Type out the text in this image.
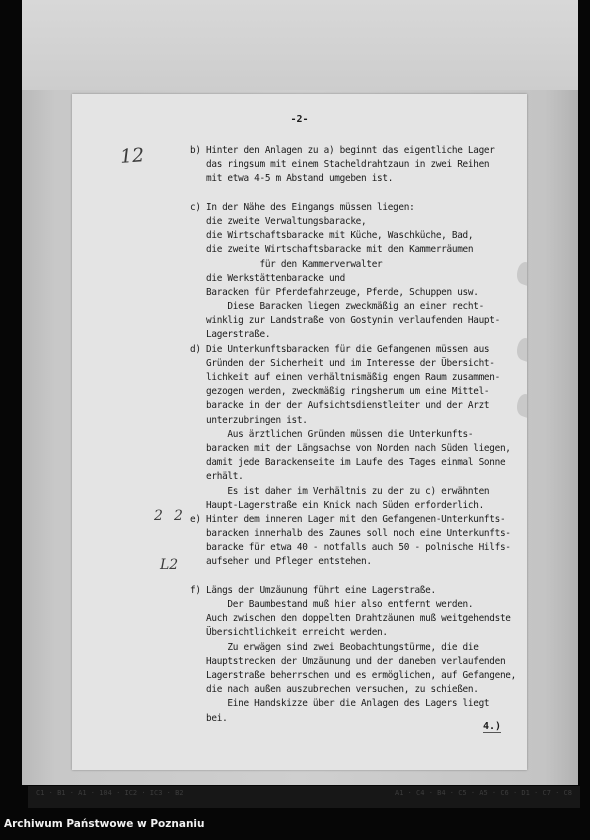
-2-
12
2 2
L2
b) Hinter den Anlagen zu a) beginnt das eigentliche Lager
das ringsum mit einem Stacheldrahtzaun in zwei Reihen
mit etwa 4-5 m Abstand umgeben ist.
c) In der Nähe des Eingangs müssen liegen:
die zweite Verwaltungsbaracke,
die Wirtschaftsbaracke mit Küche, Waschküche, Bad,
die zweite Wirtschaftsbaracke mit den Kammerräumen
für den Kammerverwalter
die Werkstättenbaracke und
Baracken für Pferdefahrzeuge, Pferde, Schuppen usw.
Diese Baracken liegen zweckmäßig an einer recht-
winklig zur Landstraße von Gostynin verlaufenden Haupt-
Lagerstraße.
d) Die Unterkunftsbaracken für die Gefangenen müssen aus
Gründen der Sicherheit und im Interesse der Übersicht-
lichkeit auf einen verhältnismäßig engen Raum zusammen-
gezogen werden, zweckmäßig ringsherum um eine Mittel-
baracke in der der Aufsichtsdienstleiter und der Arzt
unterzubringen ist.
Aus ärztlichen Gründen müssen die Unterkunfts-
baracken mit der Längsachse von Norden nach Süden liegen,
damit jede Barackenseite im Laufe des Tages einmal Sonne
erhält.
Es ist daher im Verhältnis zu der zu c) erwähnten
Haupt-Lagerstraße ein Knick nach Süden erforderlich.
e) Hinter dem inneren Lager mit den Gefangenen-Unterkunfts-
baracken innerhalb des Zaunes soll noch eine Unterkunfts-
baracke für etwa 40 - notfalls auch 50 - polnische Hilfs-
aufseher und Pfleger entstehen.
f) Längs der Umzäunung führt eine Lagerstraße.
Der Baumbestand muß hier also entfernt werden.
Auch zwischen den doppelten Drahtzäunen muß weitgehendste
Übersichtlichkeit erreicht werden.
Zu erwägen sind zwei Beobachtungstürme, die die
Hauptstrecken der Umzäunung und der daneben verlaufenden
Lagerstraße beherrschen und es ermöglichen, auf Gefangene,
die nach außen auszubrechen versuchen, zu schießen.
Eine Handskizze über die Anlagen des Lagers liegt
bei.
4.)
C1 · B1 · A1 · 104 · IC2 · IC3 · B2	A1 · C4 · B4 · C5 · A5 · C6 · D1 · C7 · C8
Archiwum Państwowe w Poznaniu
